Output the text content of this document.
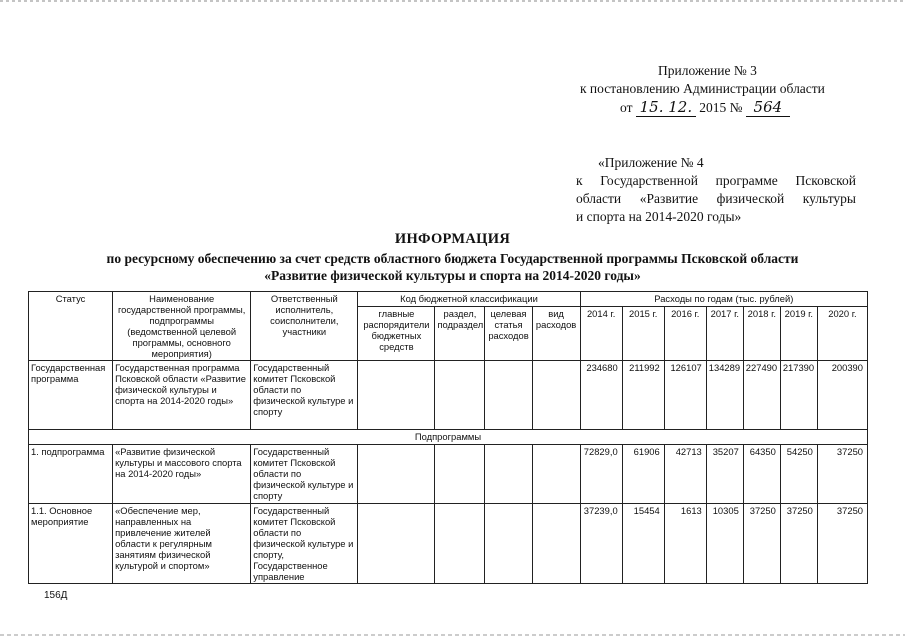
Приложение № 3
к постановлению Администрации области
от 15. 12. 2015 № 564
«Приложение № 4
к Государственной программе Псковской
области «Развитие физической культуры
и спорта на 2014-2020 годы»
ИНФОРМАЦИЯ
по ресурсному обеспечению за счет средств областного бюджета Государственной программы Псковской области
«Развитие физической культуры и спорта на 2014-2020 годы»
Статус	Наименование государственной программы, подпрограммы (ведомственной целевой программы, основного мероприятия)	Ответственный исполнитель, соисполнители, участники	Код бюджетной классификации				Расходы по годам (тыс. рублей)						
			главные распорядители бюджетных средств	раздел, подраздел	целевая статья расходов	вид расходов	2014 г.	2015 г.	2016 г.	2017 г.	2018 г.	2019 г.	2020 г.
Государственная программа	Государственная программа Псковской области «Развитие физической культуры и спорта на 2014-2020 годы»	Государственный комитет Псковской области по физической культуре и спорту					234680	211992	126107	134289	227490	217390	200390
Подпрограммы													
1. подпрограмма	«Развитие физической культуры и массового спорта на 2014-2020 годы»	Государственный комитет Псковской области по физической культуре и спорту					72829,0	61906	42713	35207	64350	54250	37250
1.1. Основное мероприятие	«Обеспечение мер, направленных на привлечение жителей области к регулярным занятиям физической культурой и спортом»	Государственный комитет Псковской области по физической культуре и спорту, Государственное управление					37239,0	15454	1613	10305	37250	37250	37250
156Д
